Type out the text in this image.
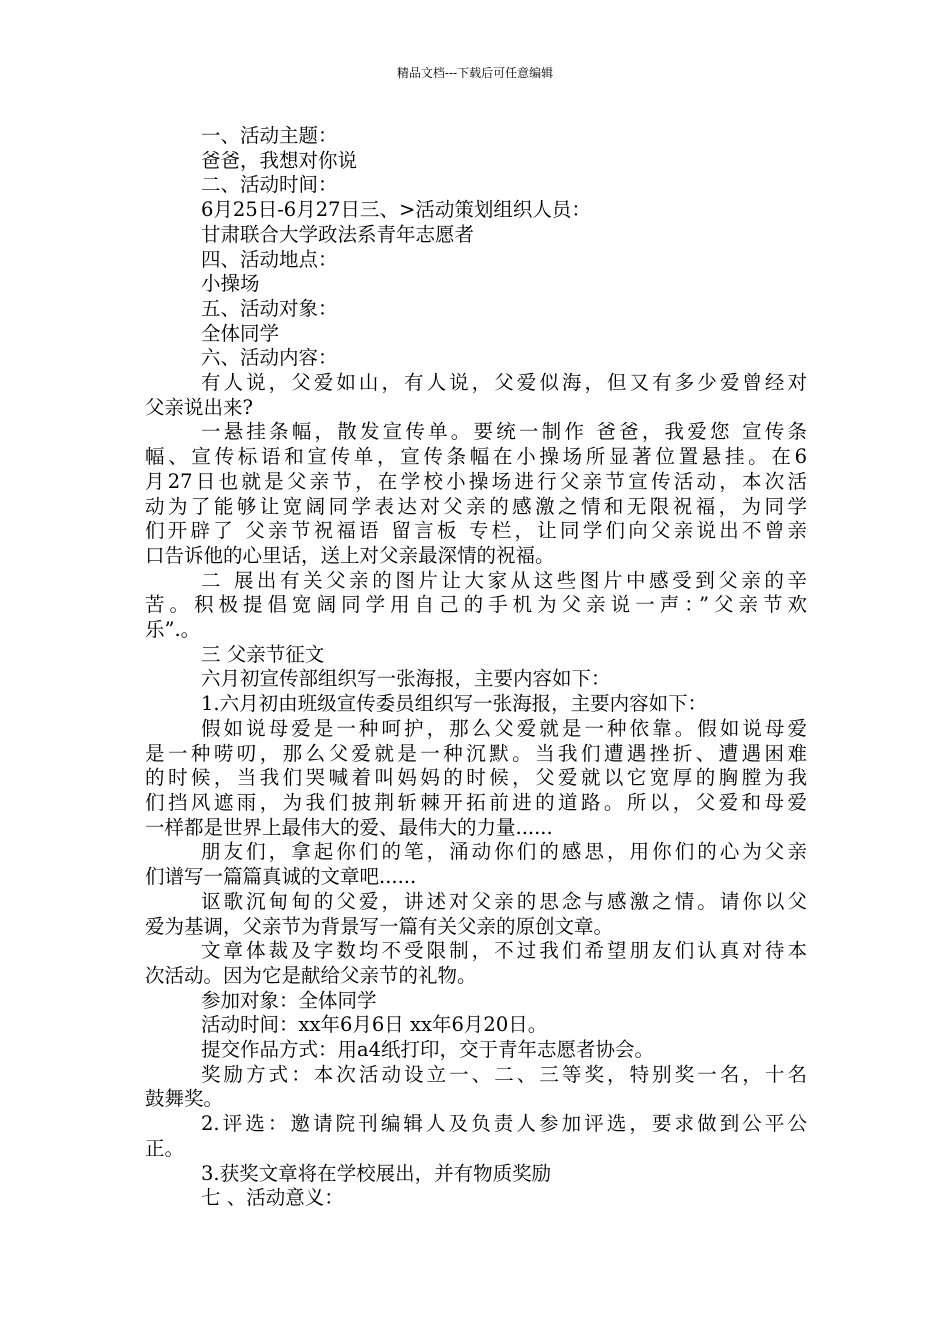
精品文档---下载后可任意编辑
一、活动主题：
爸爸，我想对你说
二、活动时间：
6月25日-6月27日三、>活动策划组织人员：
甘肃联合大学政法系青年志愿者
四、活动地点：
小操场
五、活动对象：
全体同学
六、活动内容：
有人说，父爱如山，有人说，父爱似海，但又有多少爱曾经对
父亲说出来?
一悬挂条幅，散发宣传单。要统一制作 爸爸，我爱您 宣传条
幅、宣传标语和宣传单，宣传条幅在小操场所显著位置悬挂。在6
月27日也就是父亲节，在学校小操场进行父亲节宣传活动，本次活
动为了能够让宽阔同学表达对父亲的感激之情和无限祝福，为同学
们开辟了 父亲节祝福语 留言板 专栏，让同学们向父亲说出不曾亲
口告诉他的心里话，送上对父亲最深情的祝福。
二 展出有关父亲的图片让大家从这些图片中感受到父亲的辛
苦。积极提倡宽阔同学用自己的手机为父亲说一声：”父亲节欢
乐”.。
三 父亲节征文
六月初宣传部组织写一张海报，主要内容如下：
1.六月初由班级宣传委员组织写一张海报，主要内容如下：
假如说母爱是一种呵护，那么父爱就是一种依靠。假如说母爱
是一种唠叨，那么父爱就是一种沉默。当我们遭遇挫折、遭遇困难
的时候，当我们哭喊着叫妈妈的时候，父爱就以它宽厚的胸膛为我
们挡风遮雨，为我们披荆斩棘开拓前进的道路。所以，父爱和母爱
一样都是世界上最伟大的爱、最伟大的力量......
朋友们，拿起你们的笔，涌动你们的感思，用你们的心为父亲
们谱写一篇篇真诚的文章吧......
讴歌沉甸甸的父爱，讲述对父亲的思念与感激之情。请你以父
爱为基调，父亲节为背景写一篇有关父亲的原创文章。
文章体裁及字数均不受限制，不过我们希望朋友们认真对待本
次活动。因为它是献给父亲节的礼物。
参加对象：全体同学
活动时间：xx年6月6日 xx年6月20日。
提交作品方式：用a4纸打印，交于青年志愿者协会。
奖励方式：本次活动设立一、二、三等奖，特别奖一名，十名
鼓舞奖。
2.评选：邀请院刊编辑人及负责人参加评选，要求做到公平公
正。
3.获奖文章将在学校展出，并有物质奖励
七 、活动意义：
